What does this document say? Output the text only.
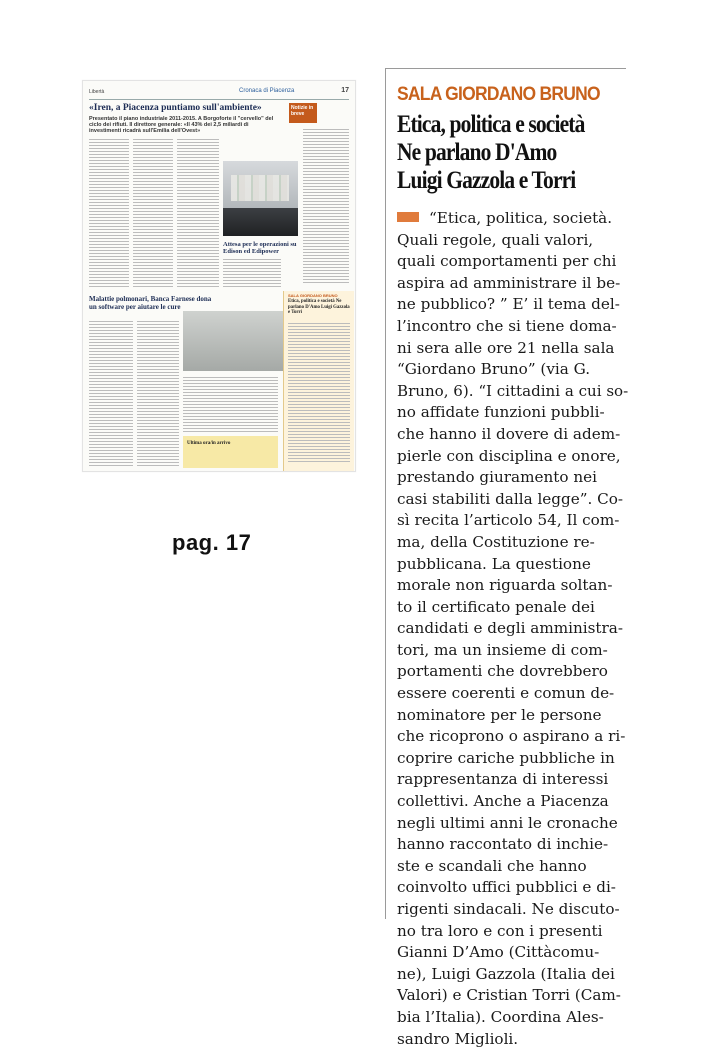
Libertà	Cronaca di Piacenza	17
«Iren, a Piacenza puntiamo sull'ambiente»
Presentato il piano industriale 2011-2015. A Borgoforte il "cervello" del ciclo dei rifiuti. Il direttore generale: «Il 43% dei 2,5 miliardi di investimenti ricadrà sull'Emilia dell'Ovest»
Notizie in breve
Attesa per le operazioni su Edison ed Edipower
Malattie polmonari, Banca Farnese dona un software per aiutare le cure
SALA GIORDANO BRUNO
Etica, politica e società Ne parlano D'Amo Luigi Gazzola e Torri
Ultima ora/in arrivo
pag. 17
SALA GIORDANO BRUNO
Etica, politica e società
Ne parlano D'Amo
Luigi Gazzola e Torri
“Etica, politica, società.
Quali regole, quali valori,
quali comportamenti per chi
aspira ad amministrare il be-
ne pubblico? ” E’ il tema del-
l’incontro che si tiene doma-
ni sera alle ore 21 nella sala
“Giordano Bruno” (via G.
Bruno, 6). “I cittadini a cui so-
no affidate funzioni pubbli-
che hanno il dovere di adem-
pierle con disciplina e onore,
prestando giuramento nei
casi stabiliti dalla legge”. Co-
sì recita l’articolo 54, Il com-
ma, della Costituzione re-
pubblicana. La questione
morale non riguarda soltan-
to il certificato penale dei
candidati e degli amministra-
tori, ma un insieme di com-
portamenti che dovrebbero
essere coerenti e comun de-
nominatore per le persone
che ricoprono o aspirano a ri-
coprire cariche pubbliche in
rappresentanza di interessi
collettivi. Anche a Piacenza
negli ultimi anni le cronache
hanno raccontato di inchie-
ste e scandali che hanno
coinvolto uffici pubblici e di-
rigenti sindacali. Ne discuto-
no tra loro e con i presenti
Gianni D’Amo (Cittàcomu-
ne), Luigi Gazzola (Italia dei
Valori) e Cristian Torri (Cam-
bia l’Italia). Coordina Ales-
sandro Miglioli.
